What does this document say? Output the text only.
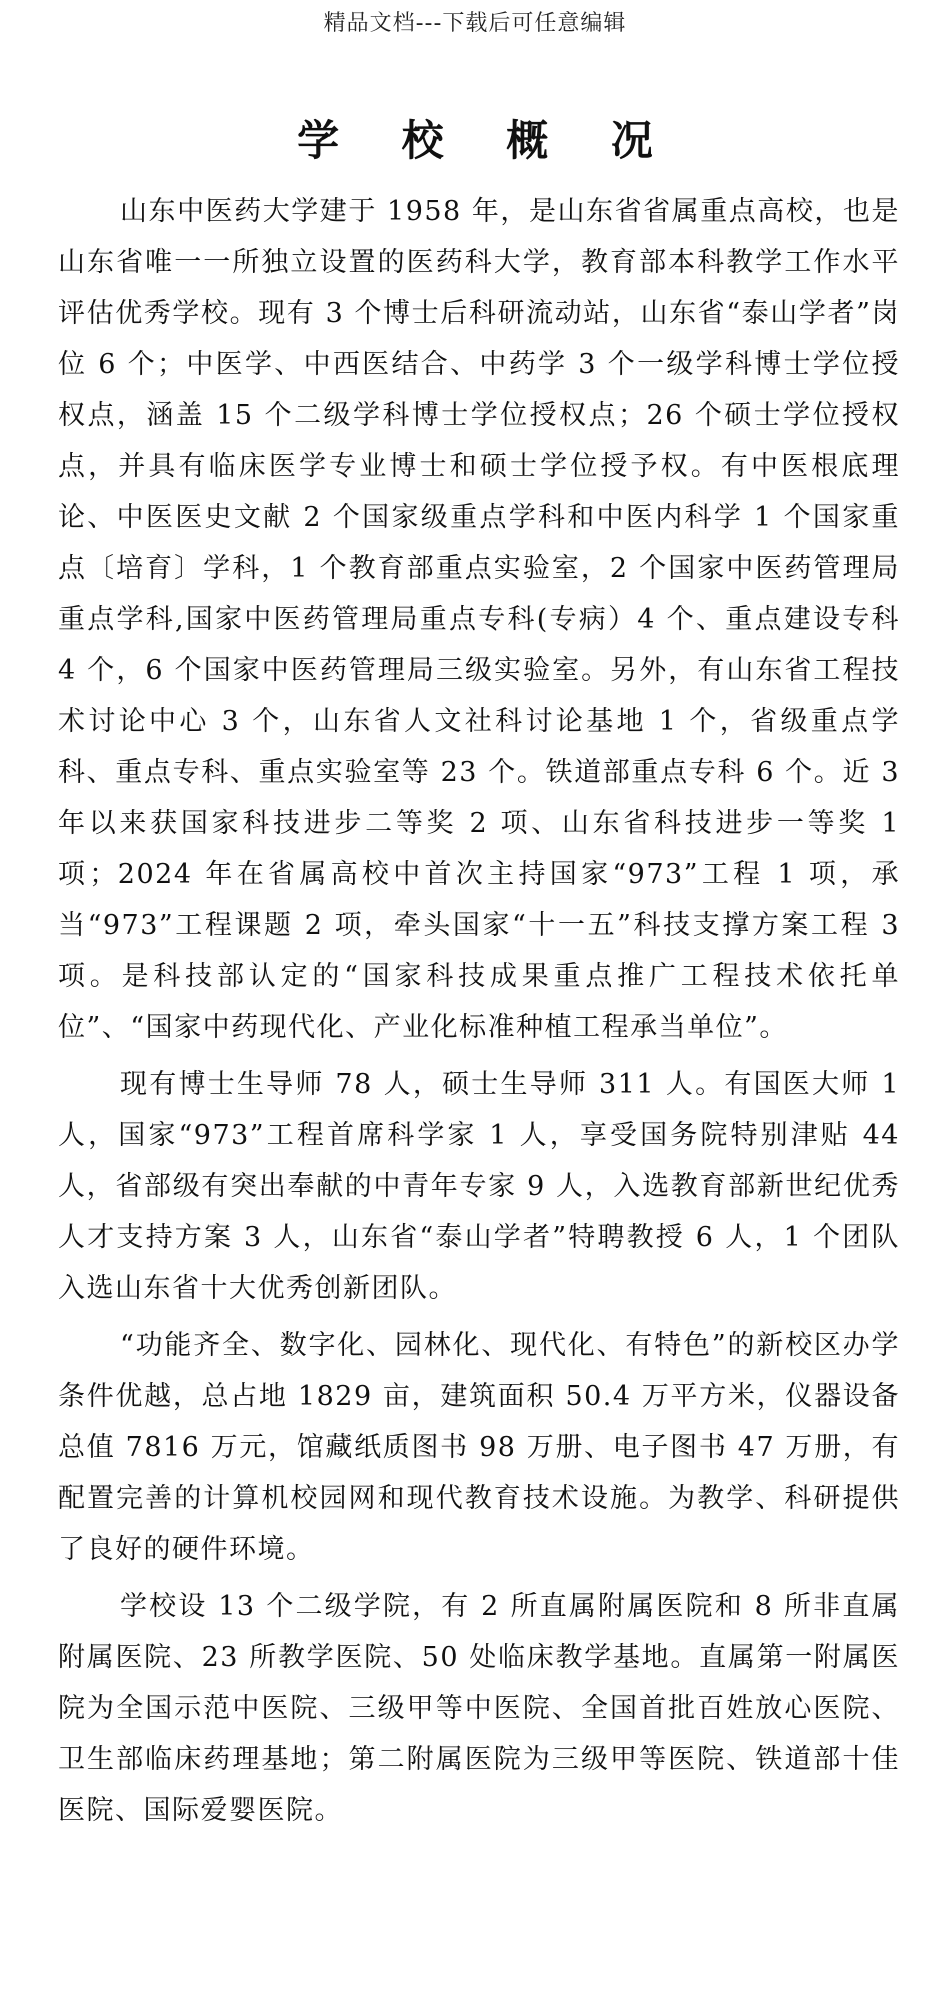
精品文档---下载后可任意编辑
学 校 概 况

山东中医药大学建于 1958 年，是山东省省属重点高校，也是山东省唯一一所独立设置的医药科大学，教育部本科教学工作水平评估优秀学校。现有 3 个博士后科研流动站，山东省“泰山学者”岗位 6 个；中医学、中西医结合、中药学 3 个一级学科博士学位授权点，涵盖 15 个二级学科博士学位授权点；26 个硕士学位授权点，并具有临床医学专业博士和硕士学位授予权。有中医根底理论、中医医史文献 2 个国家级重点学科和中医内科学 1 个国家重点〔培育〕学科，1 个教育部重点实验室，2 个国家中医药管理局重点学科,国家中医药管理局重点专科(专病）4 个、重点建设专科 4 个，6 个国家中医药管理局三级实验室。另外，有山东省工程技术讨论中心 3 个，山东省人文社科讨论基地 1 个，省级重点学科、重点专科、重点实验室等 23 个。铁道部重点专科 6 个。近 3 年以来获国家科技进步二等奖 2 项、山东省科技进步一等奖 1 项；2024 年在省属高校中首次主持国家“973”工程 1 项，承当“973”工程课题 2 项，牵头国家“十一五”科技支撑方案工程 3 项。是科技部认定的“国家科技成果重点推广工程技术依托单位”、“国家中药现代化、产业化标准种植工程承当单位”。

现有博士生导师 78 人，硕士生导师 311 人。有国医大师 1 人，国家“973”工程首席科学家 1 人，享受国务院特别津贴 44 人，省部级有突出奉献的中青年专家 9 人，入选教育部新世纪优秀人才支持方案 3 人，山东省“泰山学者”特聘教授 6 人，1 个团队入选山东省十大优秀创新团队。

“功能齐全、数字化、园林化、现代化、有特色”的新校区办学条件优越，总占地 1829 亩，建筑面积 50.4 万平方米，仪器设备总值 7816 万元，馆藏纸质图书 98 万册、电子图书 47 万册，有配置完善的计算机校园网和现代教育技术设施。为教学、科研提供了良好的硬件环境。

学校设 13 个二级学院，有 2 所直属附属医院和 8 所非直属附属医院、23 所教学医院、50 处临床教学基地。直属第一附属医院为全国示范中医院、三级甲等中医院、全国首批百姓放心医院、卫生部临床药理基地；第二附属医院为三级甲等医院、铁道部十佳医院、国际爱婴医院。
